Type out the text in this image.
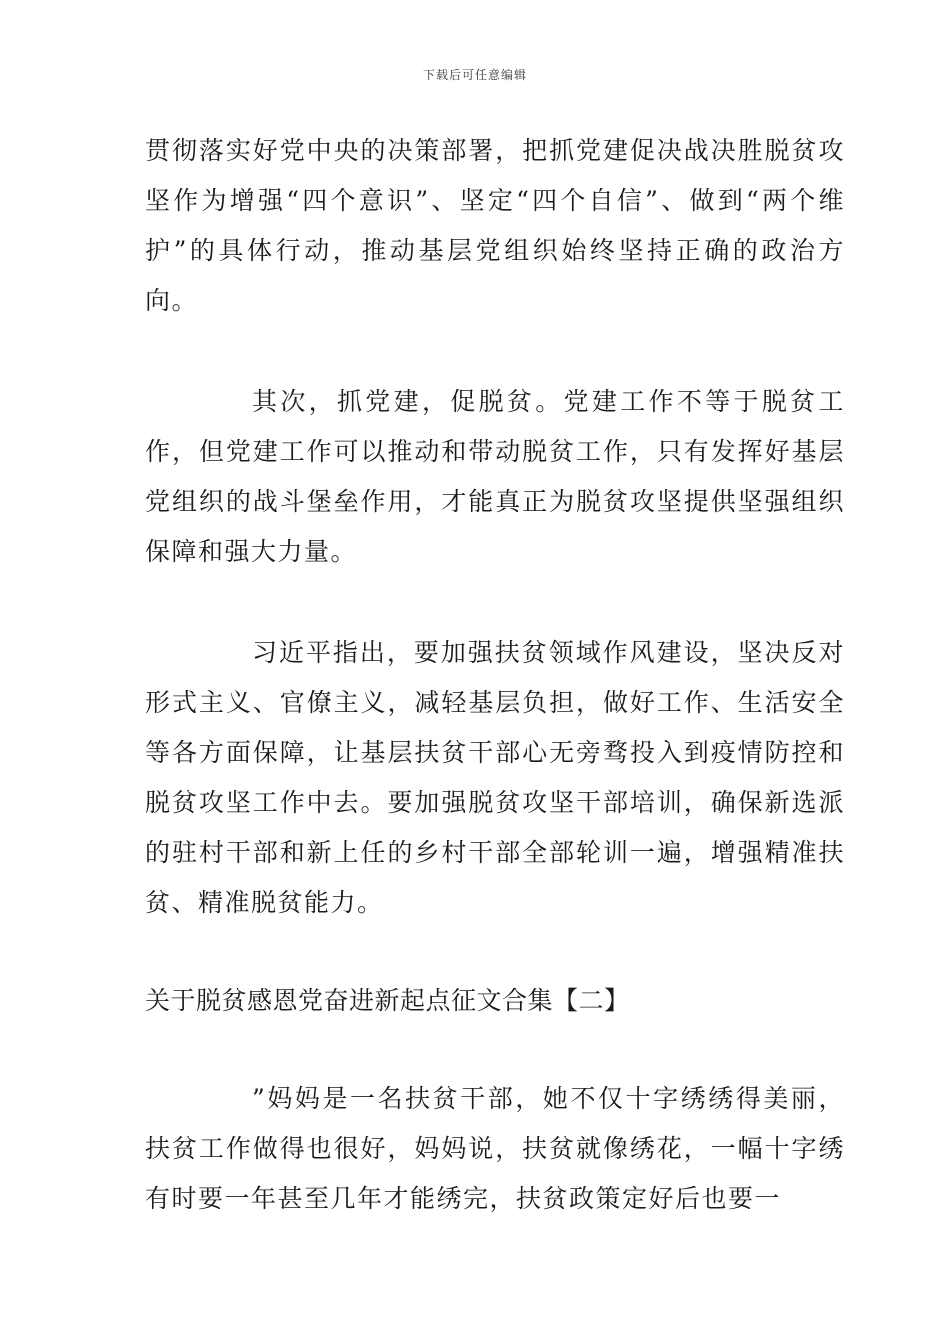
下载后可任意编辑

贯彻落实好党中央的决策部署，把抓党建促决战决胜脱贫攻坚作为增强“四个意识”、坚定“四个自信”、做到“两个维护”的具体行动，推动基层党组织始终坚持正确的政治方向。

其次，抓党建，促脱贫。党建工作不等于脱贫工作，但党建工作可以推动和带动脱贫工作，只有发挥好基层党组织的战斗堡垒作用，才能真正为脱贫攻坚提供坚强组织保障和强大力量。

习近平指出，要加强扶贫领域作风建设，坚决反对形式主义、官僚主义，减轻基层负担，做好工作、生活安全等各方面保障，让基层扶贫干部心无旁骛投入到疫情防控和脱贫攻坚工作中去。要加强脱贫攻坚干部培训，确保新选派的驻村干部和新上任的乡村干部全部轮训一遍，增强精准扶贫、精准脱贫能力。

关于脱贫感恩党奋进新起点征文合集【二】

”妈妈是一名扶贫干部，她不仅十字绣绣得美丽，扶贫工作做得也很好，妈妈说，扶贫就像绣花，一幅十字绣有时要一年甚至几年才能绣完，扶贫政策定好后也要一
